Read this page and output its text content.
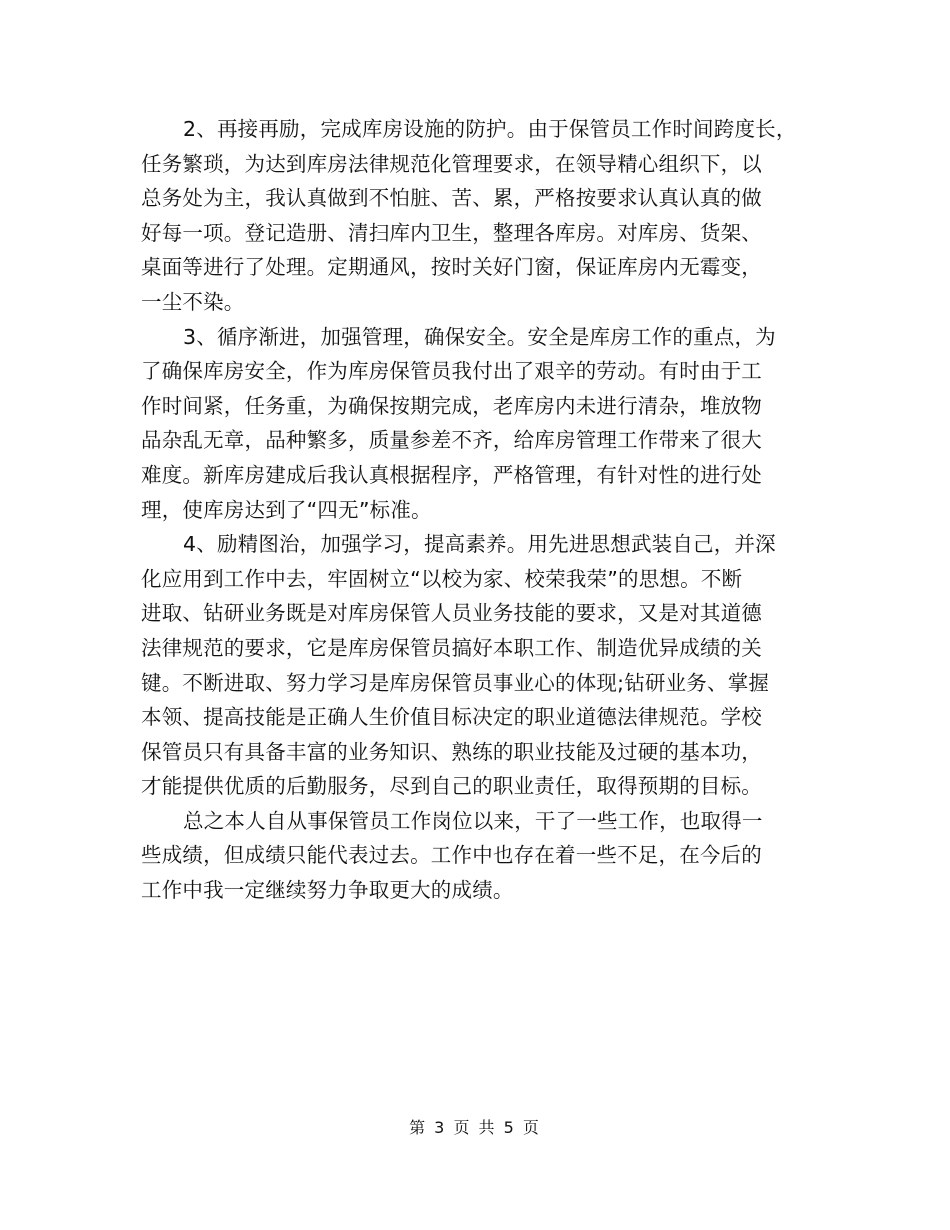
2、再接再励，完成库房设施的防护。由于保管员工作时间跨度长，
任务繁琐，为达到库房法律规范化管理要求，在领导精心组织下，以
总务处为主，我认真做到不怕脏、苦、累，严格按要求认真认真的做
好每一项。登记造册、清扫库内卫生，整理各库房。对库房、货架、
桌面等进行了处理。定期通风，按时关好门窗，保证库房内无霉变，
一尘不染。
3、循序渐进，加强管理，确保安全。安全是库房工作的重点，为
了确保库房安全，作为库房保管员我付出了艰辛的劳动。有时由于工
作时间紧，任务重，为确保按期完成，老库房内未进行清杂，堆放物
品杂乱无章，品种繁多，质量参差不齐，给库房管理工作带来了很大
难度。新库房建成后我认真根据程序，严格管理，有针对性的进行处
理，使库房达到了“四无”标准。
4、励精图治，加强学习，提高素养。用先进思想武装自己，并深
化应用到工作中去，牢固树立“以校为家、校荣我荣”的思想。不断
进取、钻研业务既是对库房保管人员业务技能的要求，又是对其道德
法律规范的要求，它是库房保管员搞好本职工作、制造优异成绩的关
键。不断进取、努力学习是库房保管员事业心的体现;钻研业务、掌握
本领、提高技能是正确人生价值目标决定的职业道德法律规范。学校
保管员只有具备丰富的业务知识、熟练的职业技能及过硬的基本功，
才能提供优质的后勤服务，尽到自己的职业责任，取得预期的目标。
总之本人自从事保管员工作岗位以来，干了一些工作，也取得一
些成绩，但成绩只能代表过去。工作中也存在着一些不足，在今后的
工作中我一定继续努力争取更大的成绩。
第 3 页 共 5 页
